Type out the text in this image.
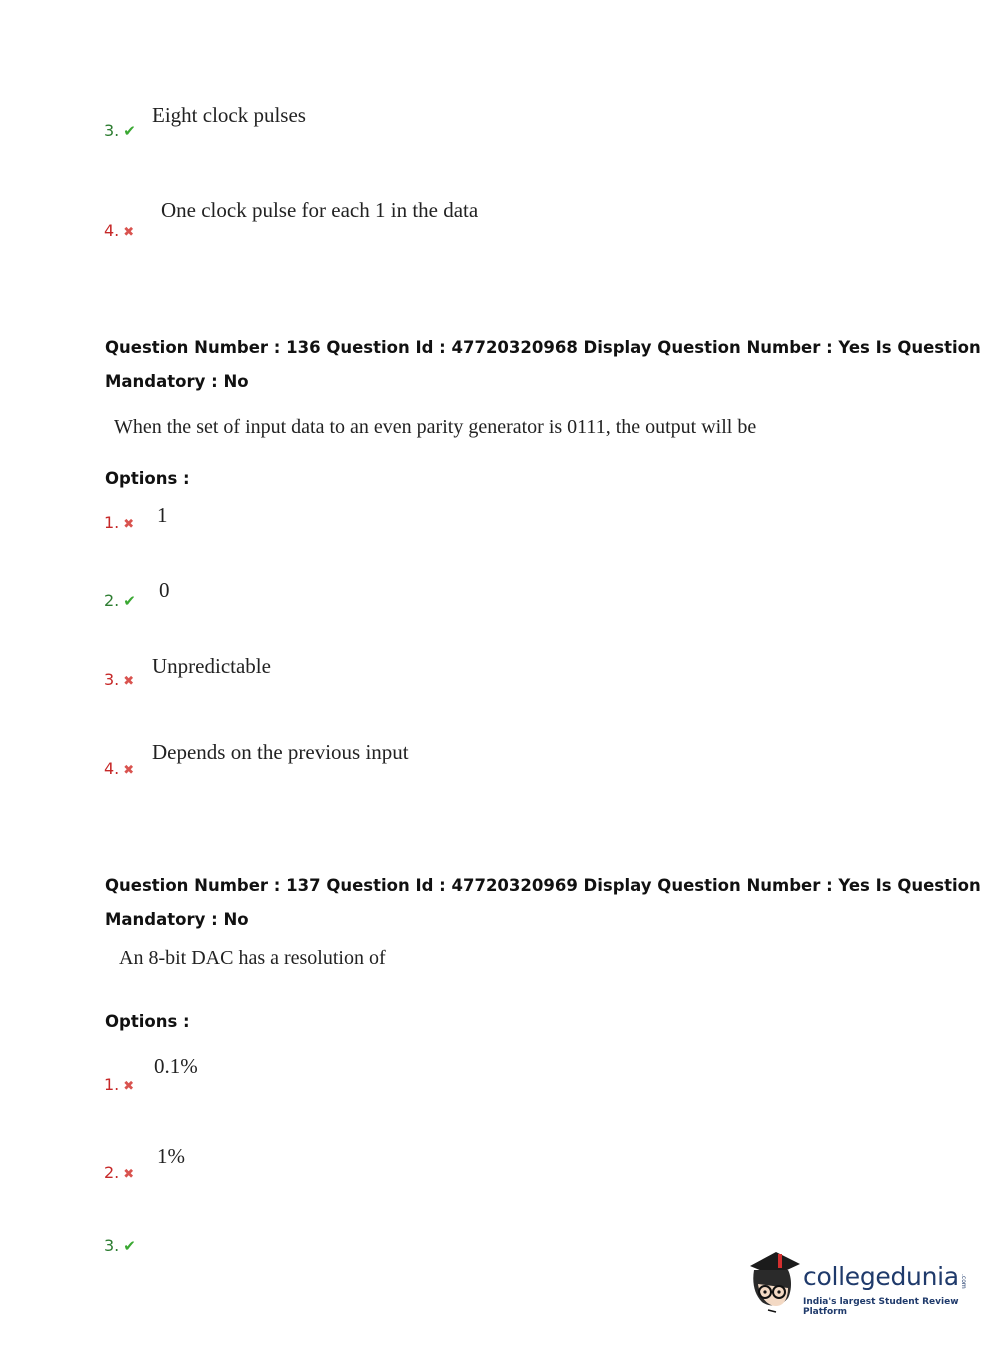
3. ✔
Eight clock pulses
4. ✖
One clock pulse for each 1 in the data
Question Number : 136 Question Id : 47720320968 Display Question Number : Yes Is Question
Mandatory : No
When the set of input data to an even parity generator is 0111, the output will be
Options :
1. ✖ 1
2. ✔ 0
3. ✖
Unpredictable
4. ✖
Depends on the previous input
Question Number : 137 Question Id : 47720320969 Display Question Number : Yes Is Question
Mandatory : No
An 8-bit DAC has a resolution of
Options :
1. ✖
0.1%
2. ✖
1%
3. ✔
collegedunia .com
India's largest Student Review Platform
